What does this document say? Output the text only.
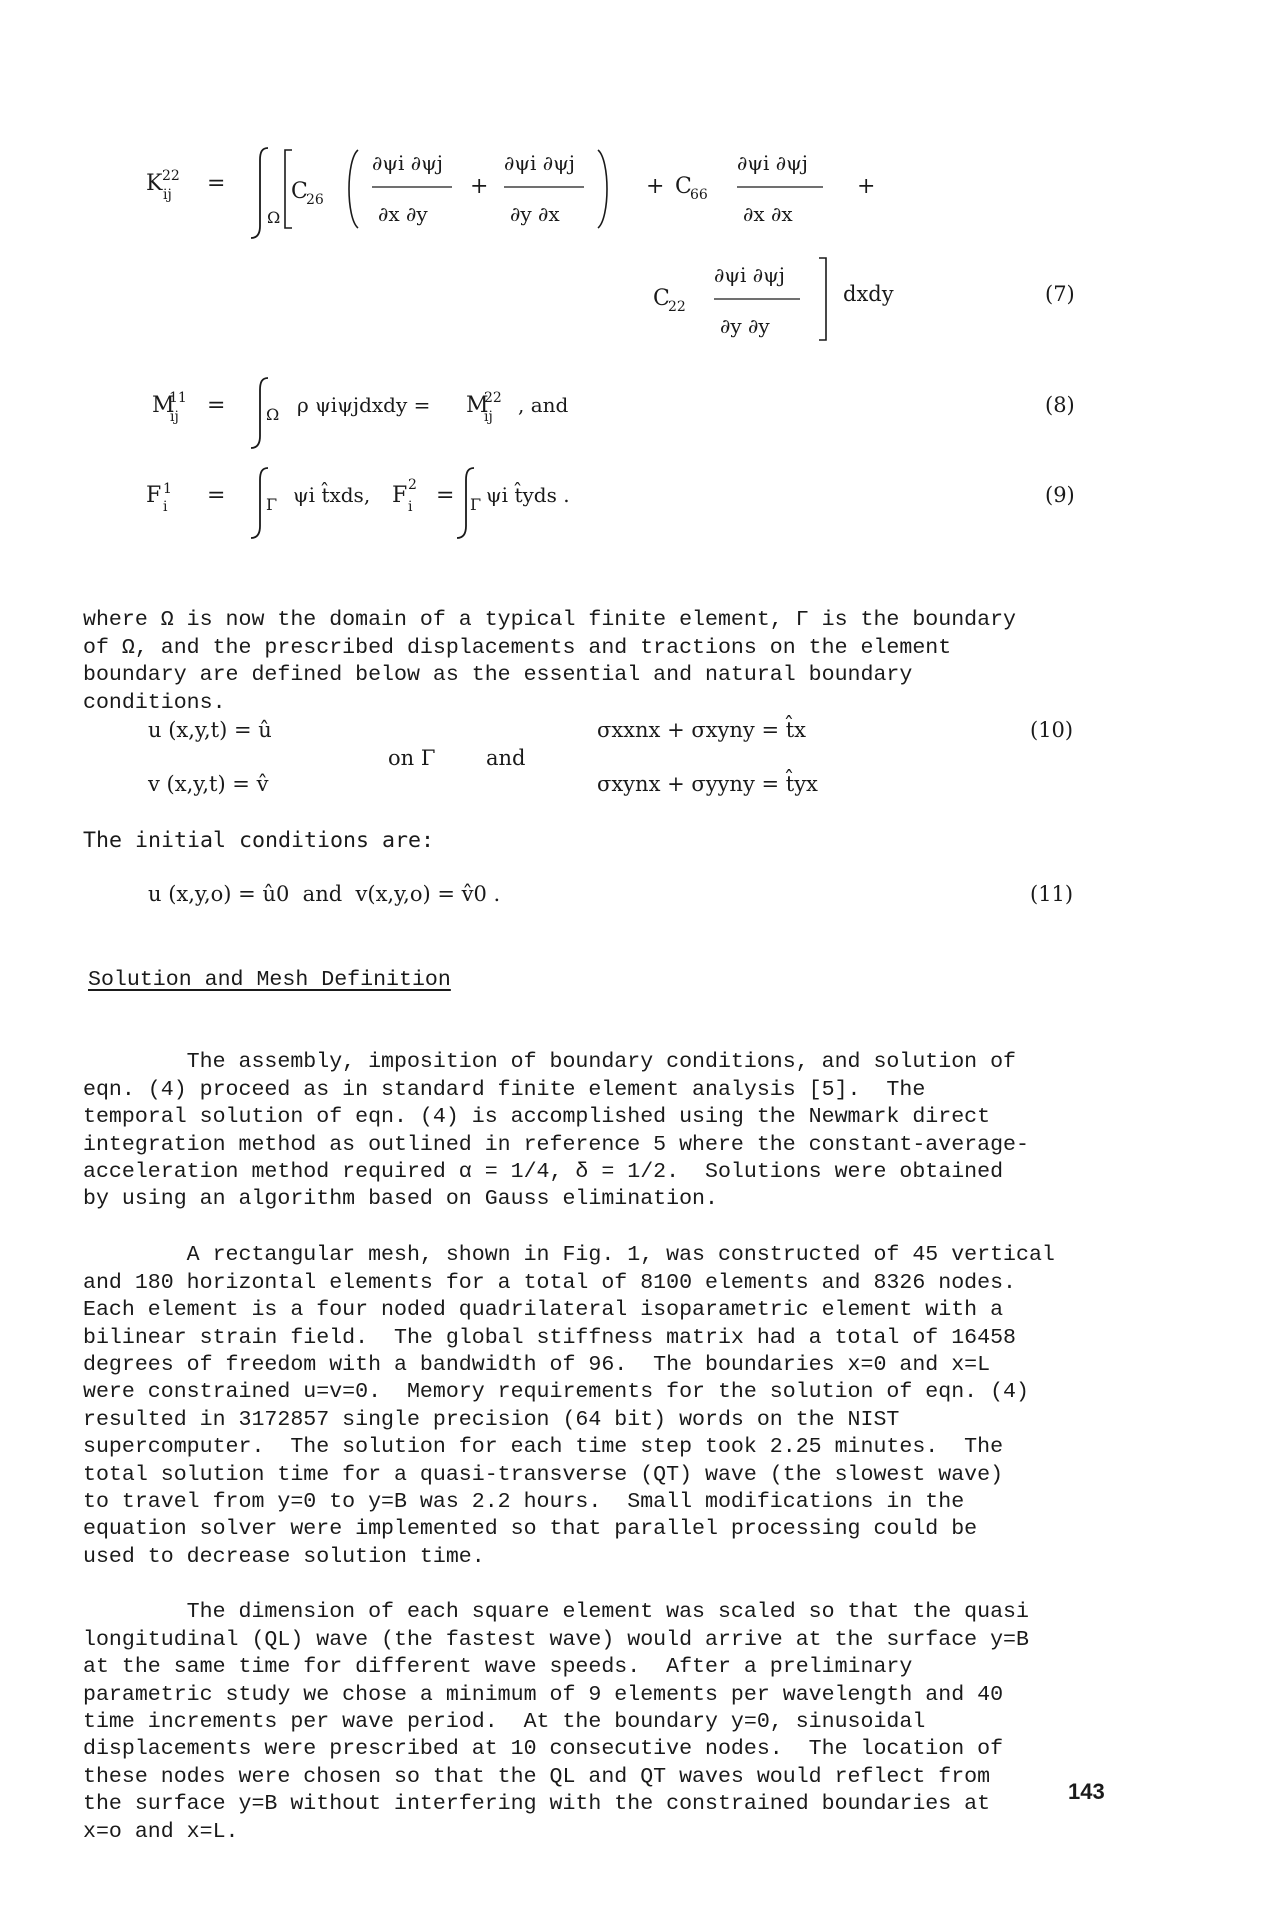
K 22
ij =
Ω
C
26
∂ψi ∂ψj
∂x ∂y
+
∂ψi ∂ψj
∂y ∂x
+ C
66
∂ψi ∂ψj
∂x ∂x
+
C
22
∂ψi ∂ψj
∂y ∂y
dxdy	(7)
M
11
ij =	Ω ρ ψiψjdxdy = M
22
ij , and	(8)
F 1
i =	Γ ψi t̂xds, F 2
i = Γ ψi t̂yds .	(9)

where Ω is now the domain of a typical finite element, Γ is the boundary
of Ω, and the prescribed displacements and tractions on the element
boundary are defined below as the essential and natural boundary
conditions.

u (x,y,t) = û
v (x,y,t) = v̂
on Γ and
σxxnx + σxyny = t̂x
σxynx + σyyny = t̂yx
(10)
The initial conditions are:
u (x,y,o) = û0  and  v(x,y,o) = v̂0 .	(11)
Solution and Mesh Definition

The assembly, imposition of boundary conditions, and solution of
eqn. (4) proceed as in standard finite element analysis [5].  The
temporal solution of eqn. (4) is accomplished using the Newmark direct
integration method as outlined in reference 5 where the constant-average-
acceleration method required α = 1/4, δ = 1/2.  Solutions were obtained
by using an algorithm based on Gauss elimination.

A rectangular mesh, shown in Fig. 1, was constructed of 45 vertical
and 180 horizontal elements for a total of 8100 elements and 8326 nodes.
Each element is a four noded quadrilateral isoparametric element with a
bilinear strain field.  The global stiffness matrix had a total of 16458
degrees of freedom with a bandwidth of 96.  The boundaries x=0 and x=L
were constrained u=v=0.  Memory requirements for the solution of eqn. (4)
resulted in 3172857 single precision (64 bit) words on the NIST
supercomputer.  The solution for each time step took 2.25 minutes.  The
total solution time for a quasi-transverse (QT) wave (the slowest wave)
to travel from y=0 to y=B was 2.2 hours.  Small modifications in the
equation solver were implemented so that parallel processing could be
used to decrease solution time.

The dimension of each square element was scaled so that the quasi
longitudinal (QL) wave (the fastest wave) would arrive at the surface y=B
at the same time for different wave speeds.  After a preliminary
parametric study we chose a minimum of 9 elements per wavelength and 40
time increments per wave period.  At the boundary y=0, sinusoidal
displacements were prescribed at 10 consecutive nodes.  The location of
these nodes were chosen so that the QL and QT waves would reflect from
the surface y=B without interfering with the constrained boundaries at
x=o and x=L.

143
